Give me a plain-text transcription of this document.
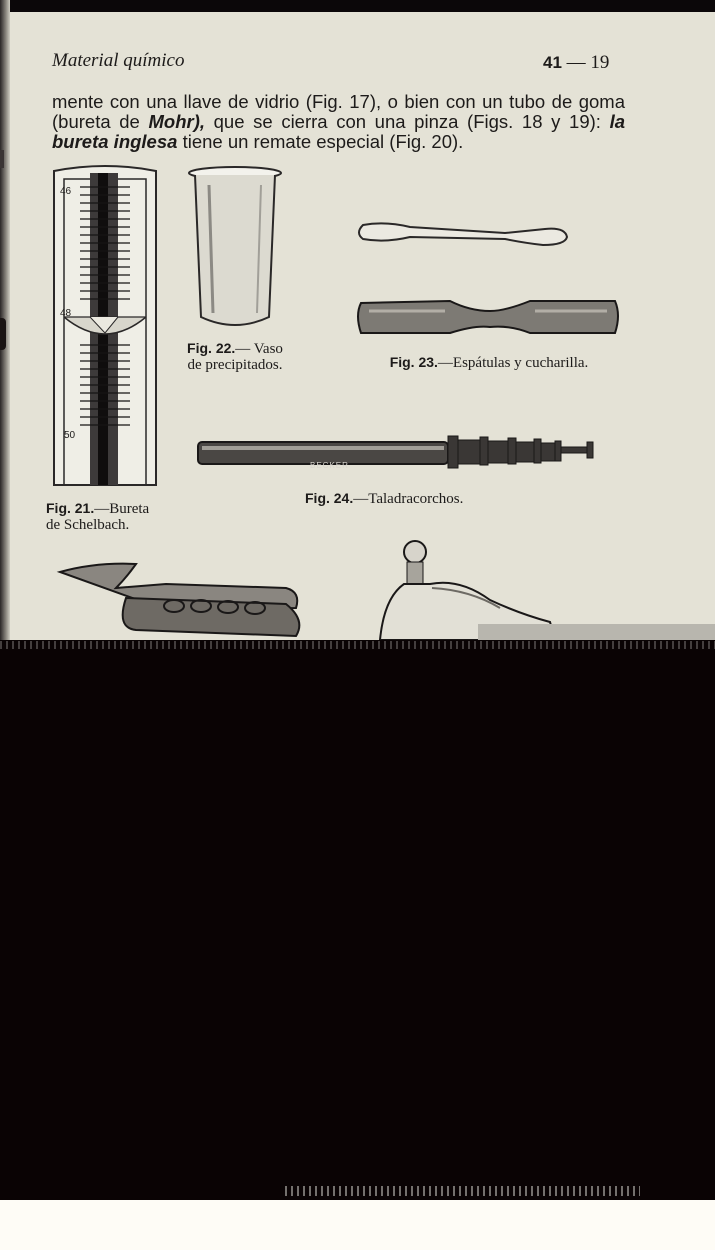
Material químico	41 — 19
mente con una llave de vidrio (Fig. 17), o bien con un tubo de goma (bureta de Mohr), que se cierra con una pinza (Figs. 18 y 19): la bureta inglesa tiene un remate especial (Fig. 20).
46
48
50
Fig. 21.—Bureta de Schelbach.
Fig. 22.— Vaso de precipitados.	Fig. 23.—Espátulas y cucharilla.
BECKER
Fig. 24.—Taladracorchos.
